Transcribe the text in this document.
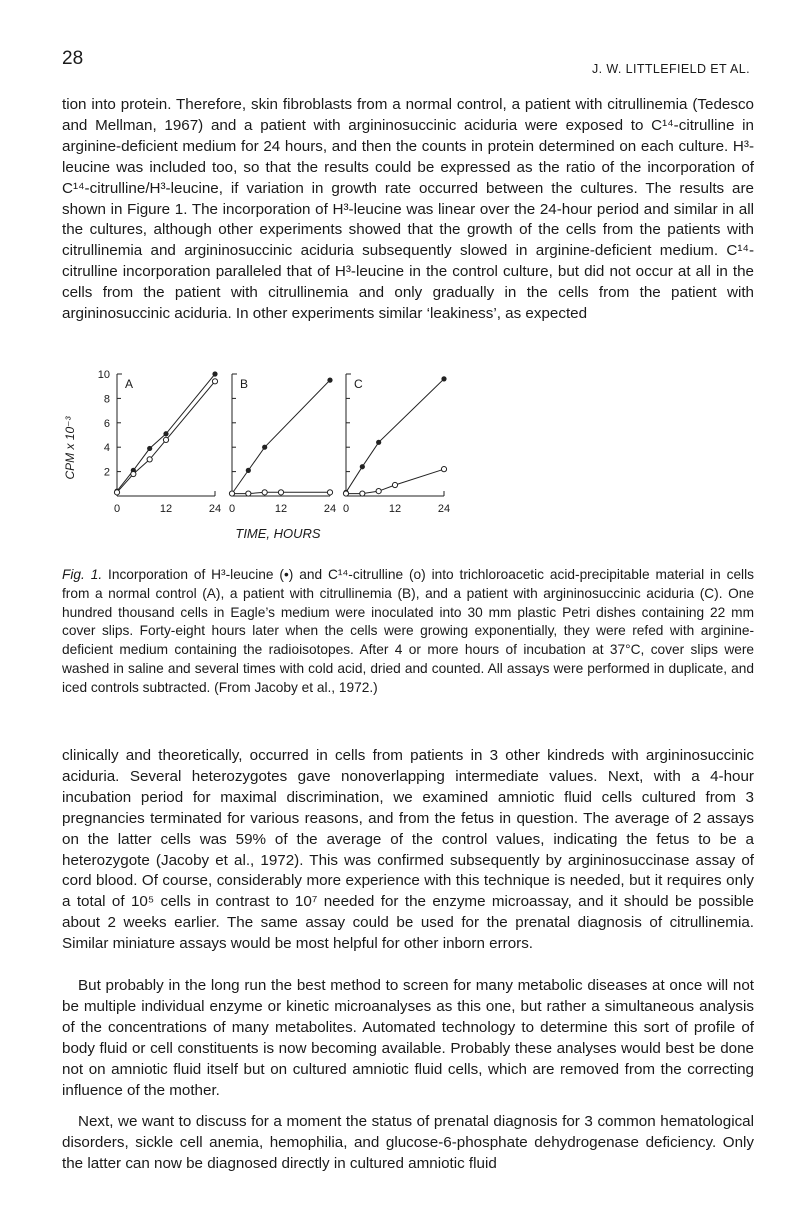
28	J. W. LITTLEFIELD ET AL.

tion into protein. Therefore, skin fibroblasts from a normal control, a patient with citrullinemia (Tedesco and Mellman, 1967) and a patient with argininosuccinic aciduria were exposed to C¹⁴-citrulline in arginine-deficient medium for 24 hours, and then the counts in protein determined on each culture. H³-leucine was included too, so that the results could be expressed as the ratio of the incorporation of C¹⁴-citrulline/H³-leucine, if variation in growth rate occurred between the cultures. The results are shown in Figure 1. The incorporation of H³-leucine was linear over the 24-hour period and similar in all the cultures, although other experiments showed that the growth of the cells from the patients with citrullinemia and argininosuccinic aciduria subsequently slowed in arginine-deficient medium. C¹⁴-citrulline incorporation paralleled that of H³-leucine in the control culture, but did not occur at all in the cells from the patient with citrullinemia and only gradually in the cells from the patient with argininosuccinic aciduria. In other experiments similar ‘leakiness’, as expected

CPM x 10⁻³ 2
4
6
8
10
0	12	24
A
0	12	24
B
0	12	24
C
TIME, HOURS

Fig. 1. Incorporation of H³-leucine (•) and C¹⁴-citrulline (o) into trichloroacetic acid-precipitable material in cells from a normal control (A), a patient with citrullinemia (B), and a patient with argininosuccinic aciduria (C). One hundred thousand cells in Eagle’s medium were inoculated into 30 mm plastic Petri dishes containing 22 mm cover slips. Forty-eight hours later when the cells were growing exponentially, they were refed with arginine-deficient medium containing the radioisotopes. After 4 or more hours of incubation at 37°C, cover slips were washed in saline and several times with cold acid, dried and counted. All assays were performed in duplicate, and iced controls subtracted. (From Jacoby et al., 1972.)

clinically and theoretically, occurred in cells from patients in 3 other kindreds with argininosuccinic aciduria. Several heterozygotes gave nonoverlapping intermediate values. Next, with a 4-hour incubation period for maximal discrimination, we examined amniotic fluid cells cultured from 3 pregnancies terminated for various reasons, and from the fetus in question. The average of 2 assays on the latter cells was 59% of the average of the control values, indicating the fetus to be a heterozygote (Jacoby et al., 1972). This was confirmed subsequently by argininosuccinase assay of cord blood. Of course, considerably more experience with this technique is needed, but it requires only a total of 10⁵ cells in contrast to 10⁷ needed for the enzyme microassay, and it should be possible about 2 weeks earlier. The same assay could be used for the prenatal diagnosis of citrullinemia. Similar miniature assays would be most helpful for other inborn errors.

But probably in the long run the best method to screen for many metabolic diseases at once will not be multiple individual enzyme or kinetic microanalyses as this one, but rather a simultaneous analysis of the concentrations of many metabolites. Automated technology to determine this sort of profile of body fluid or cell constituents is now becoming available. Probably these analyses would best be done not on amniotic fluid itself but on cultured amniotic fluid cells, which are removed from the correcting influence of the mother.

Next, we want to discuss for a moment the status of prenatal diagnosis for 3 common hematological disorders, sickle cell anemia, hemophilia, and glucose-6-phosphate dehydrogenase deficiency. Only the latter can now be diagnosed directly in cultured amniotic fluid
